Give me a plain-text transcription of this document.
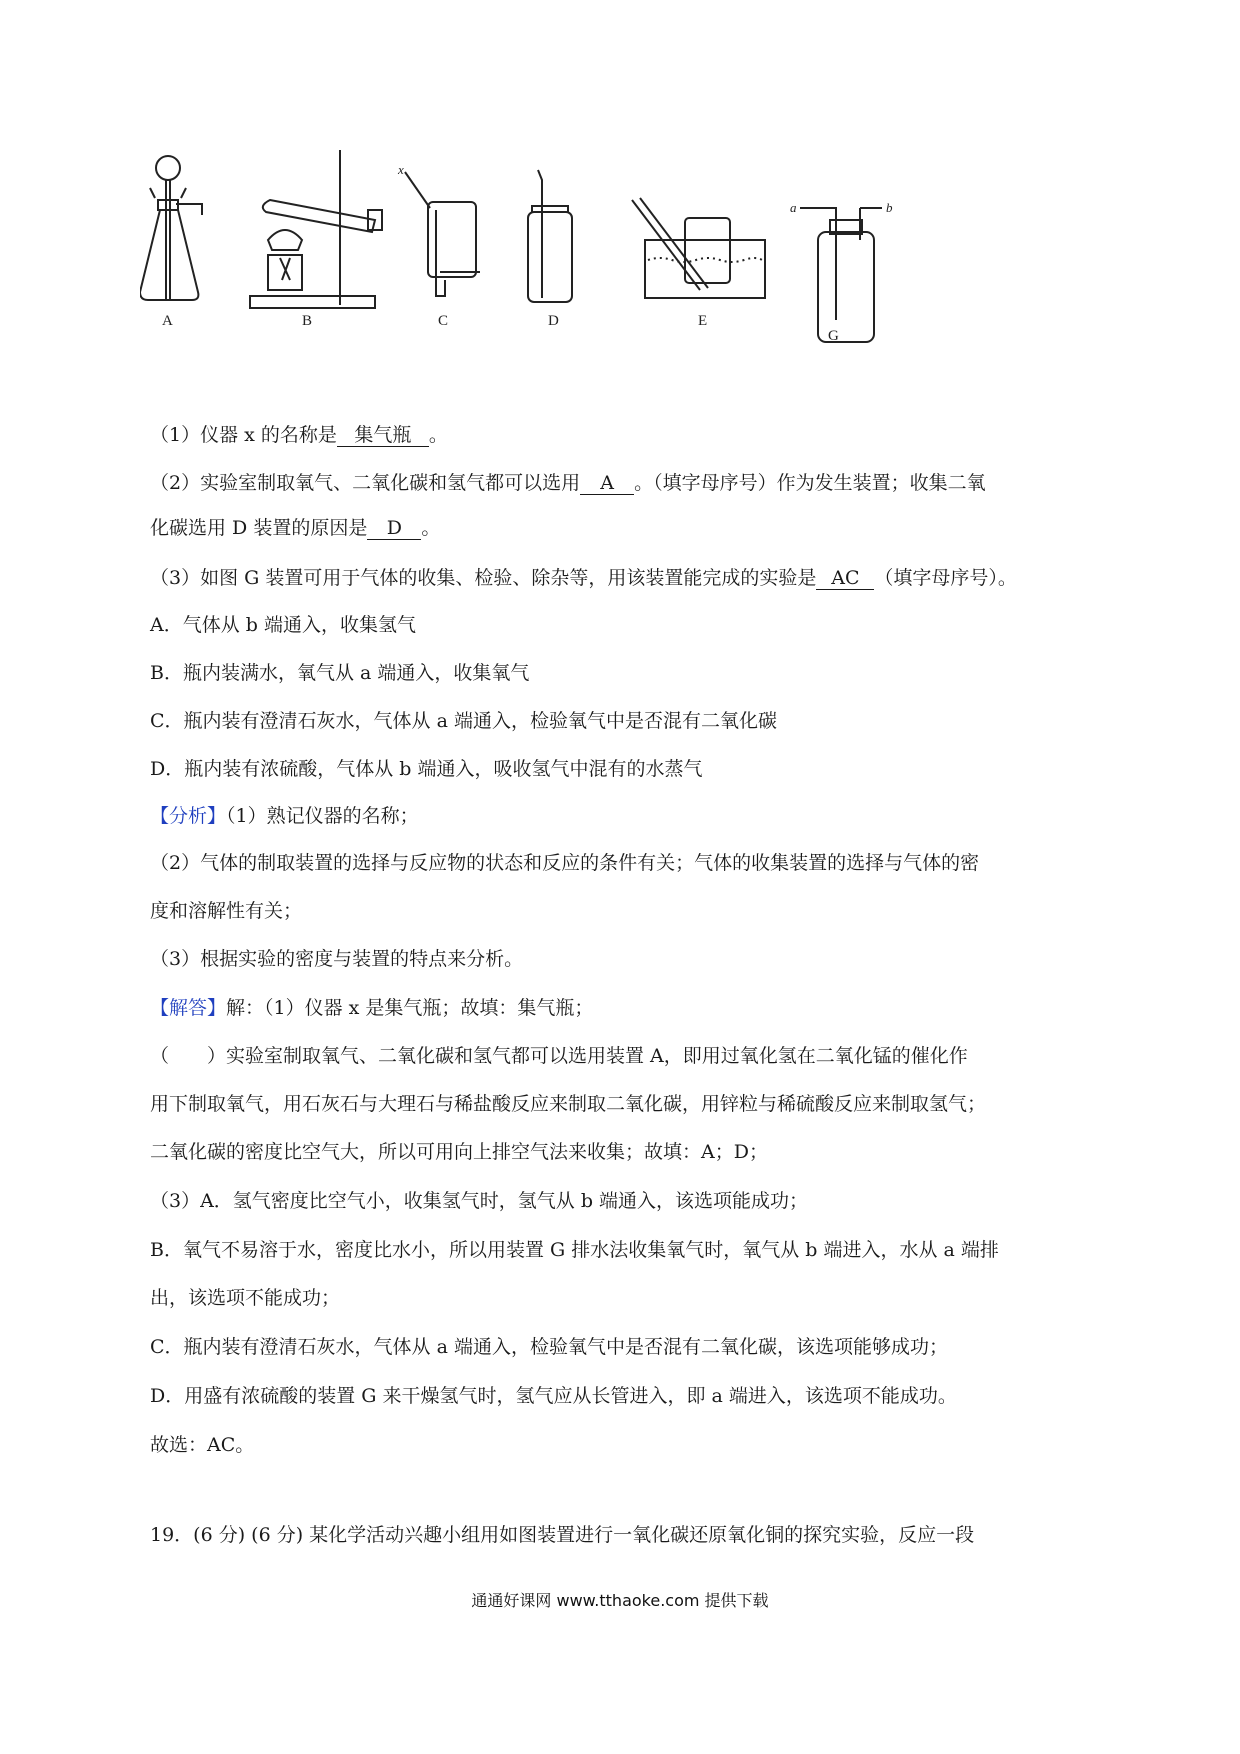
A	B	C	D	E
G
x
a	b
（1）仪器 x 的名称是 集气瓶 。
（2）实验室制取氧气、二氧化碳和氢气都可以选用 A 。（填字母序号）作为发生装置；收集二氧
化碳选用 D 装置的原因是 D 。
（3）如图 G 装置可用于气体的收集、检验、除杂等，用该装置能完成的实验是 AC （填字母序号）。
A．气体从 b 端通入，收集氢气
B．瓶内装满水，氧气从 a 端通入，收集氧气
C．瓶内装有澄清石灰水，气体从 a 端通入，检验氧气中是否混有二氧化碳
D．瓶内装有浓硫酸，气体从 b 端通入，吸收氢气中混有的水蒸气
【分析】（1）熟记仪器的名称；
（2）气体的制取装置的选择与反应物的状态和反应的条件有关；气体的收集装置的选择与气体的密
度和溶解性有关；
（3）根据实验的密度与装置的特点来分析。
【解答】解：（1）仪器 x 是集气瓶；故填：集气瓶；
（　　）实验室制取氧气、二氧化碳和氢气都可以选用装置 A，即用过氧化氢在二氧化锰的催化作
用下制取氧气，用石灰石与大理石与稀盐酸反应来制取二氧化碳，用锌粒与稀硫酸反应来制取氢气；
二氧化碳的密度比空气大，所以可用向上排空气法来收集；故填：A；D；
（3）A．氢气密度比空气小，收集氢气时，氢气从 b 端通入，该选项能成功；
B．氧气不易溶于水，密度比水小，所以用装置 G 排水法收集氧气时，氧气从 b 端进入，水从 a 端排
出，该选项不能成功；
C．瓶内装有澄清石灰水，气体从 a 端通入，检验氧气中是否混有二氧化碳，该选项能够成功；
D．用盛有浓硫酸的装置 G 来干燥氢气时，氢气应从长管进入，即 a 端进入，该选项不能成功。
故选：AC。
19．(6 分) (6 分) 某化学活动兴趣小组用如图装置进行一氧化碳还原氧化铜的探究实验，反应一段
通通好课网 www.tthaoke.com 提供下载
